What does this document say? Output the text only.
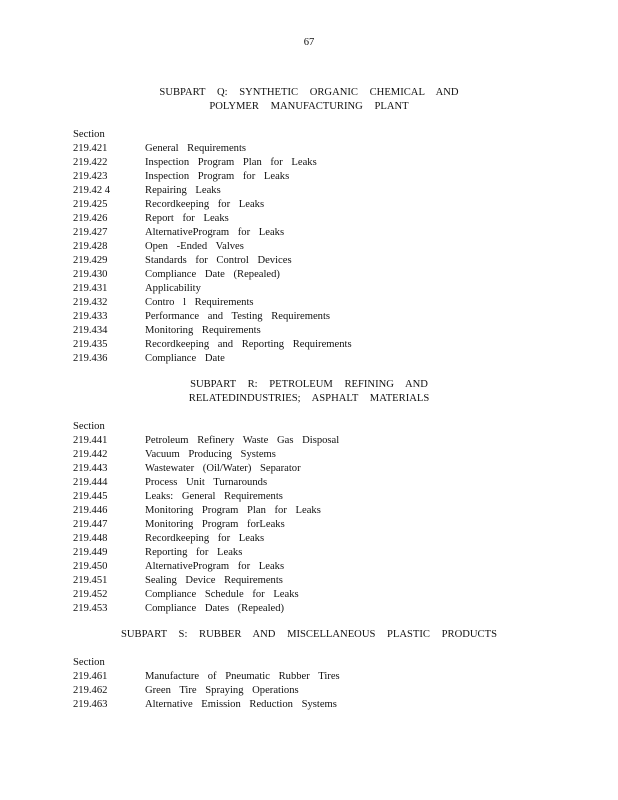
67
SUBPART Q: SYNTHETIC ORGANIC CHEMICAL AND
POLYMER MANUFACTURING PLANT
Section
219.421	General Requirements
219.422	Inspection Program Plan for Leaks
219.423	Inspection Program for Leaks
219.42 4	Repairing Leaks
219.425	Recordkeeping for Leaks
219.426	Report for Leaks
219.427	AlternativeProgram for Leaks
219.428	Open -Ended Valves
219.429	Standards for Control Devices
219.430	Compliance Date (Repealed)
219.431	Applicability
219.432	Contro l Requirements
219.433	Performance and Testing Requirements
219.434	Monitoring Requirements
219.435	Recordkeeping and Reporting Requirements
219.436	Compliance Date
SUBPART R: PETROLEUM REFINING AND
RELATEDINDUSTRIES; ASPHALT MATERIALS
Section
219.441	Petroleum Refinery Waste Gas Disposal
219.442	Vacuum Producing Systems
219.443	Wastewater (Oil/Water) Separator
219.444	Process Unit Turnarounds
219.445	Leaks: General Requirements
219.446	Monitoring Program Plan for Leaks
219.447	Monitoring Program forLeaks
219.448	Recordkeeping for Leaks
219.449	Reporting for Leaks
219.450	AlternativeProgram for Leaks
219.451	Sealing Device Requirements
219.452	Compliance Schedule for Leaks
219.453	Compliance Dates (Repealed)
SUBPART S: RUBBER AND MISCELLANEOUS PLASTIC PRODUCTS
Section
219.461	Manufacture of Pneumatic Rubber Tires
219.462	Green Tire Spraying Operations
219.463	Alternative Emission Reduction Systems
